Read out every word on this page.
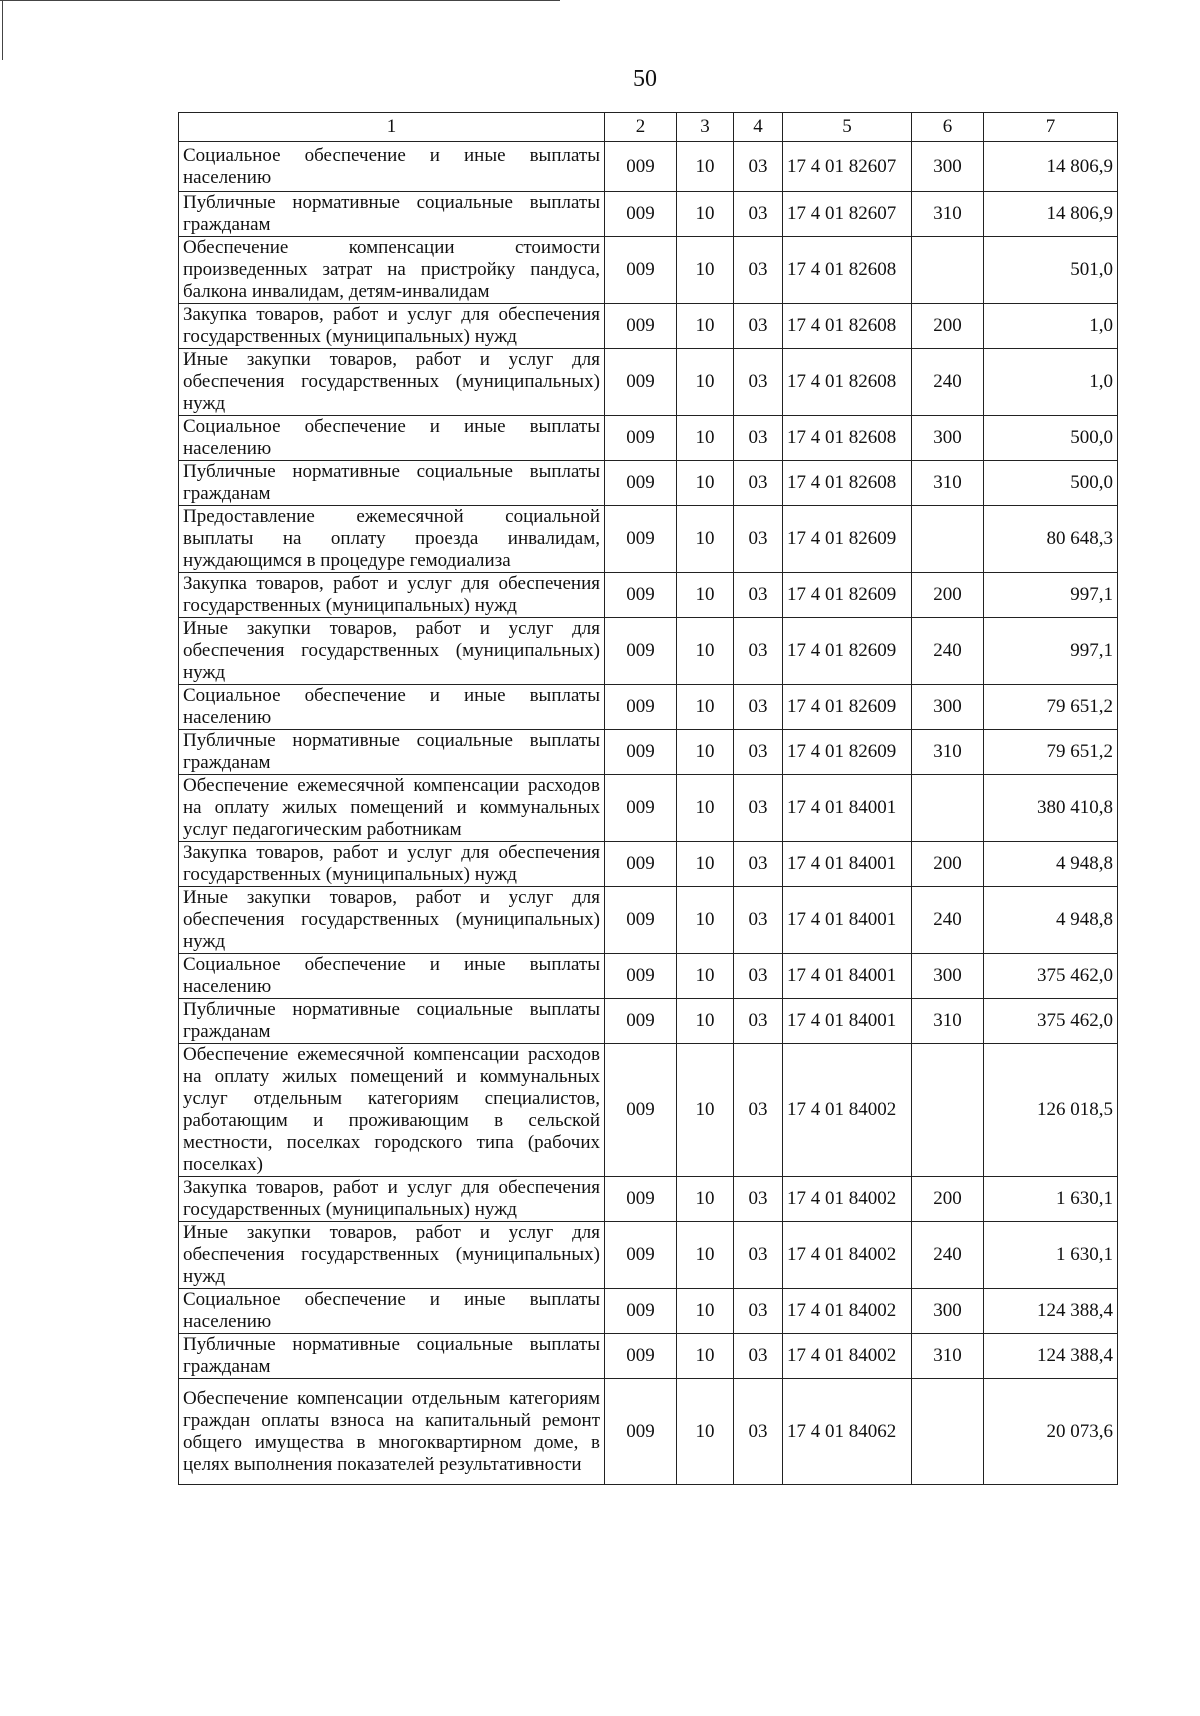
50
1	2	3	4	5	6	7
Социальное обеспечение и иные выплаты населению	009	10	03	17 4 01 82607	300	14 806,9
Публичные нормативные социальные выплаты гражданам	009	10	03	17 4 01 82607	310	14 806,9
Обеспечение компенсации стоимости произведенных затрат на пристройку пандуса, балкона инвалидам, детям-инвалидам	009	10	03	17 4 01 82608		501,0
Закупка товаров, работ и услуг для обеспечения государственных (муниципальных) нужд	009	10	03	17 4 01 82608	200	1,0
Иные закупки товаров, работ и услуг для обеспечения государственных (муниципальных) нужд	009	10	03	17 4 01 82608	240	1,0
Социальное обеспечение и иные выплаты населению	009	10	03	17 4 01 82608	300	500,0
Публичные нормативные социальные выплаты гражданам	009	10	03	17 4 01 82608	310	500,0
Предоставление ежемесячной социальной выплаты на оплату проезда инвалидам, нуждающимся в процедуре гемодиализа	009	10	03	17 4 01 82609		80 648,3
Закупка товаров, работ и услуг для обеспечения государственных (муниципальных) нужд	009	10	03	17 4 01 82609	200	997,1
Иные закупки товаров, работ и услуг для обеспечения государственных (муниципальных) нужд	009	10	03	17 4 01 82609	240	997,1
Социальное обеспечение и иные выплаты населению	009	10	03	17 4 01 82609	300	79 651,2
Публичные нормативные социальные выплаты гражданам	009	10	03	17 4 01 82609	310	79 651,2
Обеспечение ежемесячной компенсации расходов на оплату жилых помещений и коммунальных услуг педагогическим работникам	009	10	03	17 4 01 84001		380 410,8
Закупка товаров, работ и услуг для обеспечения государственных (муниципальных) нужд	009	10	03	17 4 01 84001	200	4 948,8
Иные закупки товаров, работ и услуг для обеспечения государственных (муниципальных) нужд	009	10	03	17 4 01 84001	240	4 948,8
Социальное обеспечение и иные выплаты населению	009	10	03	17 4 01 84001	300	375 462,0
Публичные нормативные социальные выплаты гражданам	009	10	03	17 4 01 84001	310	375 462,0
Обеспечение ежемесячной компенсации расходов на оплату жилых помещений и коммунальных услуг отдельным категориям специалистов, работающим и проживающим в сельской местности, поселках городского типа (рабочих поселках)	009	10	03	17 4 01 84002		126 018,5
Закупка товаров, работ и услуг для обеспечения государственных (муниципальных) нужд	009	10	03	17 4 01 84002	200	1 630,1
Иные закупки товаров, работ и услуг для обеспечения государственных (муниципальных) нужд	009	10	03	17 4 01 84002	240	1 630,1
Социальное обеспечение и иные выплаты населению	009	10	03	17 4 01 84002	300	124 388,4
Публичные нормативные социальные выплаты гражданам	009	10	03	17 4 01 84002	310	124 388,4
Обеспечение компенсации отдельным категориям граждан оплаты взноса на капитальный ремонт общего имущества в многоквартирном доме, в целях выполнения показателей результативности	009	10	03	17 4 01 84062		20 073,6
